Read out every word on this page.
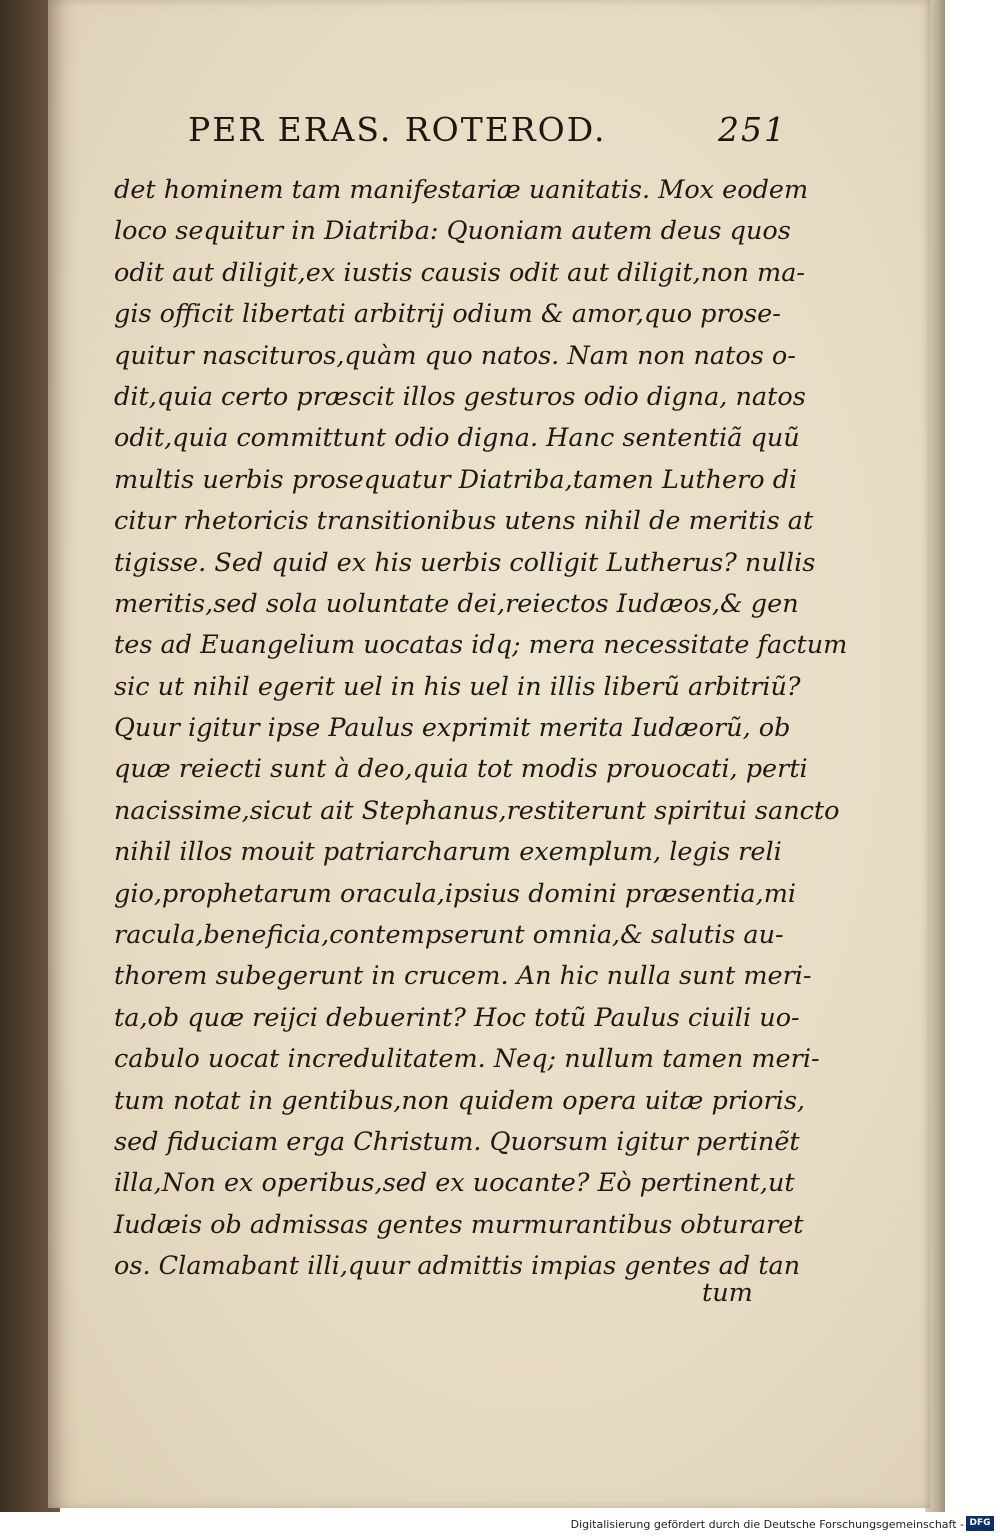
PER ERAS. ROTEROD.	251
det hominem tam manifestariæ uanitatis. Mox eodem
loco sequitur in Diatriba: Quoniam autem deus quos
odit aut diligit,ex iustis causis odit aut diligit,non ma-
gis officit libertati arbitrij odium & amor,quo prose-
quitur nascituros,quàm quo natos. Nam non natos o-
dit,quia certo præscit illos gesturos odio digna, natos
odit,quia committunt odio digna. Hanc sententiã quũ
multis uerbis prosequatur Diatriba,tamen Luthero di
citur rhetoricis transitionibus utens nihil de meritis at
tigisse. Sed quid ex his uerbis colligit Lutherus? nullis
meritis,sed sola uoluntate dei,reiectos Iudæos,& gen
tes ad Euangelium uocatas idq; mera necessitate factum
sic ut nihil egerit uel in his uel in illis liberũ arbitriũ?
Quur igitur ipse Paulus exprimit merita Iudæorũ, ob
quæ reiecti sunt à deo,quia tot modis prouocati, perti
nacissime,sicut ait Stephanus,restiterunt spiritui sancto
nihil illos mouit patriarcharum exemplum, legis reli
gio,prophetarum oracula,ipsius domini præsentia,mi
racula,beneficia,contempserunt omnia,& salutis au-
thorem subegerunt in crucem. An hic nulla sunt meri-
ta,ob quæ reijci debuerint? Hoc totũ Paulus ciuili uo-
cabulo uocat incredulitatem. Neq; nullum tamen meri-
tum notat in gentibus,non quidem opera uitæ prioris,
sed fiduciam erga Christum. Quorsum igitur pertinẽt
illa,Non ex operibus,sed ex uocante? Eò pertinent,ut
Iudæis ob admissas gentes murmurantibus obturaret
os. Clamabant illi,quur admittis impias gentes ad tan
tum
Digitalisierung gefördert durch die Deutsche Forschungsgemeinschaft - DFG
